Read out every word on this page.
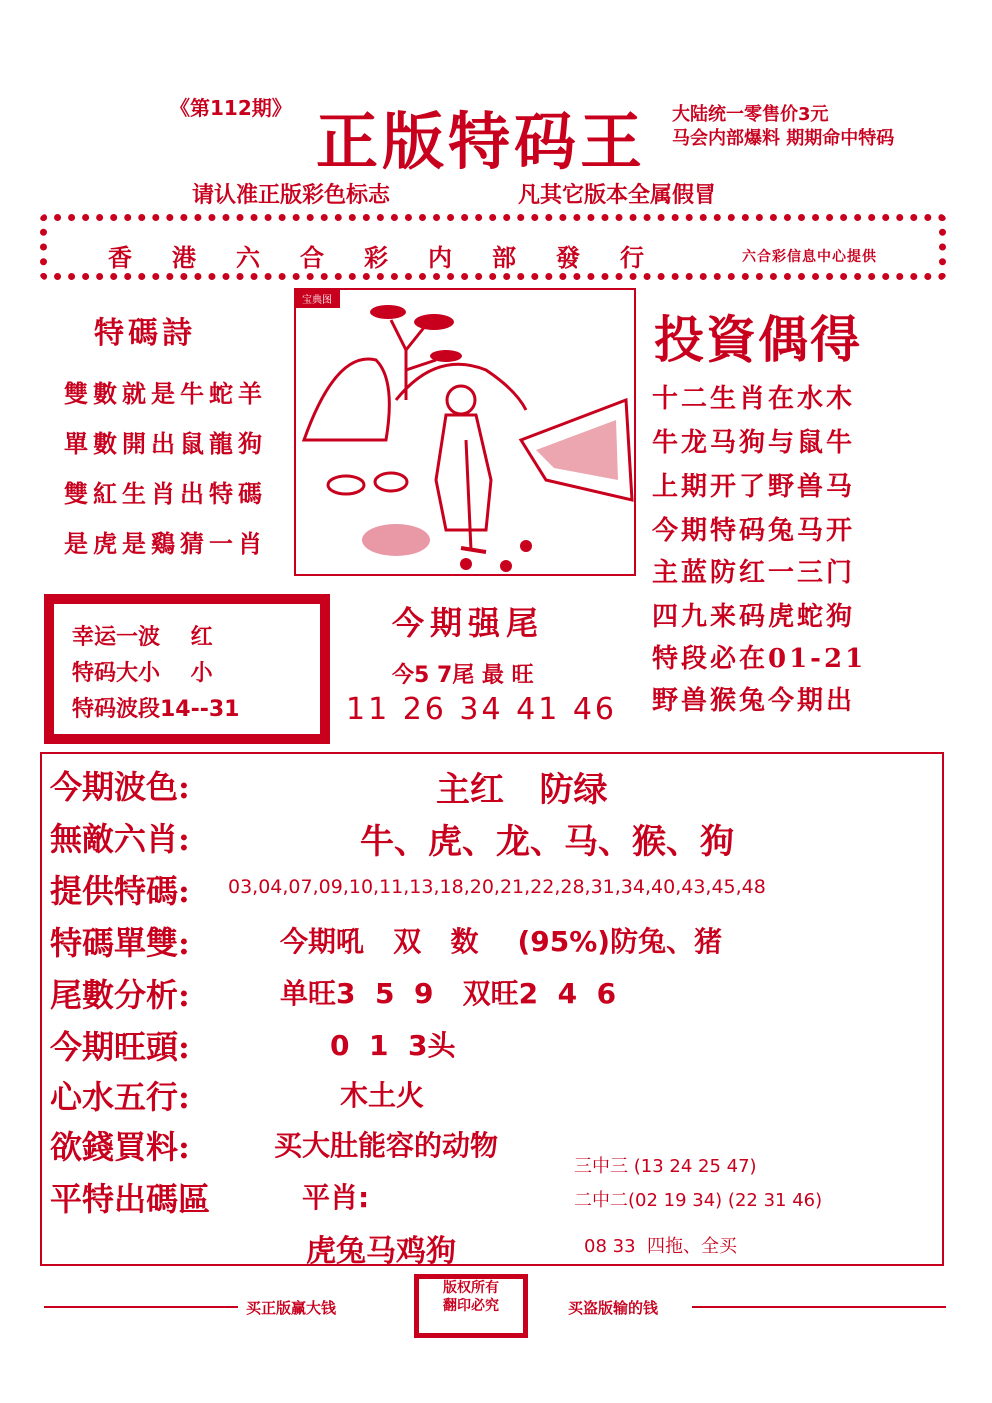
《第112期》 正版特码王 大陆统一零售价3元
马会内部爆料 期期命中特码
请认准正版彩色标志	凡其它版本全属假冒
香港六合彩内部發行	六合彩信息中心提供
特碼詩
雙數就是牛蛇羊
單數開出鼠龍狗
雙紅生肖出特碼
是虎是鷄猜一肖
宝典图
投資偶得
十二生肖在水木
牛龙马狗与鼠牛
上期开了野兽马
今期特码兔马开
主蓝防红一三门
四九来码虎蛇狗
特段必在01-21
野兽猴兔今期出
幸运一波    红
特码大小    小
特码波段14--31
今期强尾
今5 7尾 最 旺
11 26 34 41 46
今期波色:	主红   防绿
無敵六肖:	牛、虎、龙、马、猴、狗
提供特碼: 03,04,07,09,10,11,13,18,20,21,22,28,31,34,40,43,45,48
特碼單雙:	今期吼   双   数    (95%)防兔、猪
尾數分析:	单旺3  5  9   双旺2  4  6
今期旺頭:	0  1  3头
心水五行:	木土火
欲錢買料:	买大肚能容的动物
平特出碼區	平肖:
虎兔马鸡狗
三中三 (13 24 25 47)
二中二(02 19 34) (22 31 46)
08 33  四拖、全买
买正版赢大钱
版权所有
翻印必究	买盗版输的钱
